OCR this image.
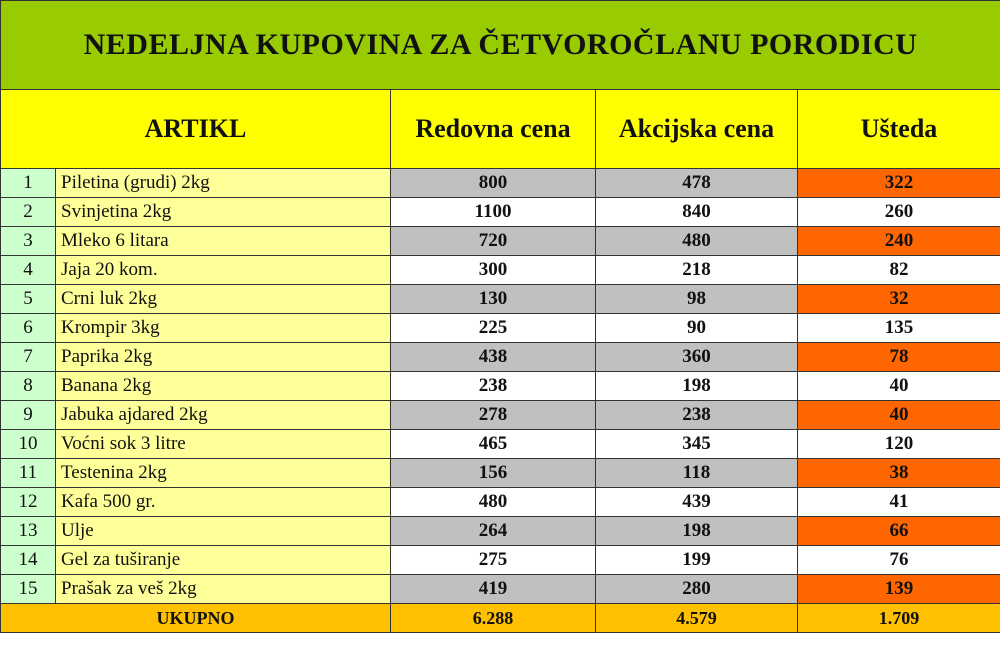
NEDELJNA KUPOVINA ZA ČETVOROČLANU PORODICU				
ARTIKL		Redovna cena	Akcijska cena	Ušteda
1	Piletina (grudi) 2kg	800	478	322
2	Svinjetina 2kg	1100	840	260
3	Mleko 6 litara	720	480	240
4	Jaja 20 kom.	300	218	82
5	Crni luk 2kg	130	98	32
6	Krompir 3kg	225	90	135
7	Paprika 2kg	438	360	78
8	Banana 2kg	238	198	40
9	Jabuka ajdared 2kg	278	238	40
10	Voćni sok 3 litre	465	345	120
11	Testenina 2kg	156	118	38
12	Kafa 500 gr.	480	439	41
13	Ulje	264	198	66
14	Gel za tuširanje	275	199	76
15	Prašak za veš 2kg	419	280	139
UKUPNO		6.288	4.579	1.709
